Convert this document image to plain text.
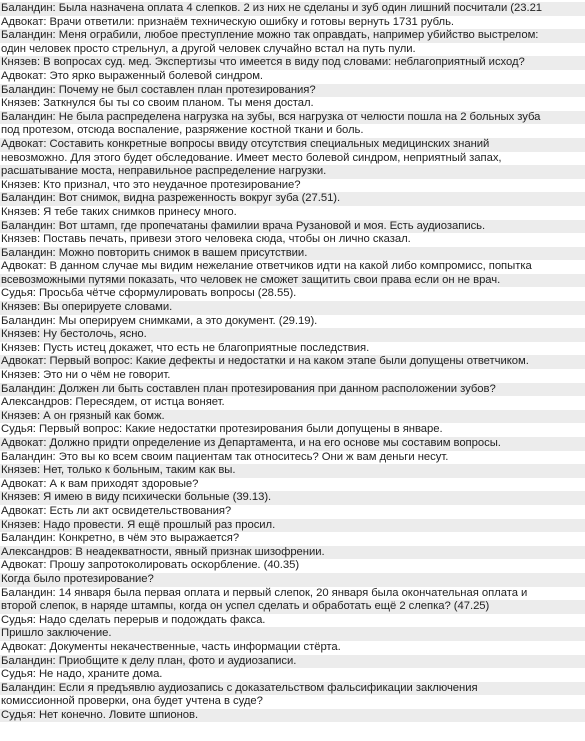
Баландин: Была назначена оплата 4 слепков. 2 из них не сделаны и зуб один лишний посчитали (23.21

Адвокат: Врачи ответили: признаём техническую ошибку и готовы вернуть 1731 рубль.

Баландин: Меня ограбили, любое преступление можно так оправдать, например убийство выстрелом:

один человек просто стрельнул, а другой человек случайно встал на путь пули.

Князев: В вопросах суд. мед. Экспертизы что имеется в виду под словами: неблагоприятный исход?

Адвокат: Это ярко выраженный болевой синдром.

Баландин: Почему не был составлен план протезирования?

Князев: Заткнулся бы ты со своим планом. Ты меня достал.

Баландин: Не была распределена нагрузка на зубы, вся нагрузка от челюсти пошла на 2 больных зуба

под протезом, отсюда воспаление, разряжение костной ткани и боль.

Адвокат: Составить конкретные вопросы ввиду отсутствия специальных медицинских знаний

невозможно. Для этого будет обследование. Имеет место болевой синдром, неприятный запах,

расшатывание моста, неправильное распределение нагрузки.

Князев: Кто признал, что это неудачное протезирование?

Баландин: Вот снимок, видна разреженность вокруг зуба (27.51).

Князев: Я тебе таких снимков принесу много.

Баландин: Вот штамп, где пропечатаны фамилии врача Рузановой и моя. Есть аудиозапись.

Князев: Поставь печать, привези этого человека сюда, чтобы он лично сказал.

Баландин: Можно повторить снимок в вашем присутствии.

Адвокат: В данном случае мы видим нежелание ответчиков идти на какой либо компромисс, попытка

всевозможными путями показать, что человек не сможет защитить свои права если он не врач.

Судья: Просьба чётче сформулировать вопросы (28.55).

Князев: Вы оперируете словами.

Баландин: Мы оперируем снимками, а это документ. (29.19).

Князев: Ну бестолочь, ясно.

Князев: Пусть истец докажет, что есть не благоприятные последствия.

Адвокат: Первый вопрос: Какие дефекты и недостатки и на каком этапе были допущены ответчиком.

Князев: Это ни о чём не говорит.

Баландин: Должен ли быть составлен план протезирования при данном расположении зубов?

Александров: Пересядем, от истца воняет.

Князев: А он грязный как бомж.

Судья: Первый вопрос: Какие недостатки протезирования были допущены в январе.

Адвокат: Должно придти определение из Департамента, и на его основе мы составим вопросы.

Баландин: Это вы ко всем своим пациентам так относитесь? Они ж вам деньги несут.

Князев: Нет, только к больным, таким как вы.

Адвокат: А к вам приходят здоровые?

Князев: Я имею в виду психически больные (39.13).

Адвокат: Есть ли акт освидетельствования?

Князев: Надо провести. Я ещё прошлый раз просил.

Баландин: Конкретно, в чём это выражается?

Александров: В неадекватности, явный признак шизофрении.

Адвокат: Прошу запротоколировать оскорбление. (40.35)

Когда было протезирование?

Баландин: 14 января была первая оплата и первый слепок, 20 января была окончательная оплата и

второй слепок, в наряде штампы, когда он успел сделать и обработать ещё 2 слепка? (47.25)

Судья: Надо сделать перерыв и подождать факса.

Пришло заключение.

Адвокат: Документы некачественные, часть информации стёрта.

Баландин: Приобщите к делу план, фото и аудиозаписи.

Судья: Не надо, храните дома.

Баландин: Если я предъявлю аудиозапись с доказательством фальсификации заключения

комиссионной проверки, она будет учтена в суде?

Судья: Нет конечно. Ловите шпионов.
